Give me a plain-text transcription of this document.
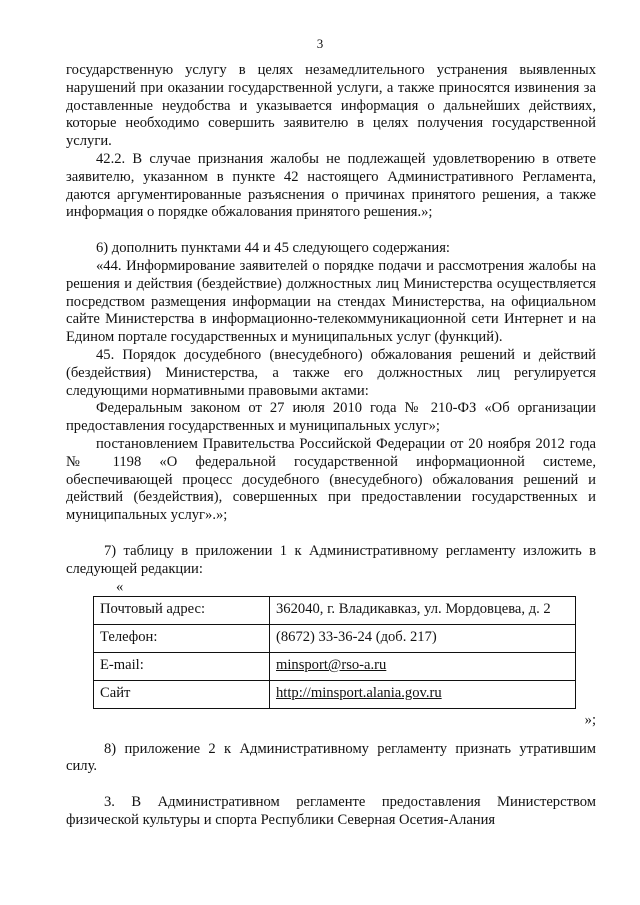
3

государственную услугу в целях незамедлительного устранения выявленных нарушений при оказании государственной услуги, а также приносятся извинения за доставленные неудобства и указывается информация о дальнейших действиях, которые необходимо совершить заявителю в целях получения государственной услуги.

42.2. В случае признания жалобы не подлежащей удовлетворению в ответе заявителю, указанном в пункте 42 настоящего Административного Регламента, даются аргументированные разъяснения о причинах принятого решения, а также информация о порядке обжалования принятого решения.»;

6) дополнить пунктами 44 и 45 следующего содержания:

«44. Информирование заявителей о порядке подачи и рассмотрения жалобы на решения и действия (бездействие) должностных лиц Министерства осуществляется посредством размещения информации на стендах Министерства, на официальном сайте Министерства в информационно-телекоммуникационной сети Интернет и на Едином портале государственных и муниципальных услуг (функций).

45. Порядок досудебного (внесудебного) обжалования решений и действий (бездействия) Министерства, а также его должностных лиц регулируется следующими нормативными правовыми актами:

Федеральным законом от 27 июля 2010 года № 210-ФЗ «Об организации предоставления государственных и муниципальных услуг»;

постановлением Правительства Российской Федерации от 20 ноября 2012 года № 1198 «О федеральной государственной информационной системе, обеспечивающей процесс досудебного (внесудебного) обжалования решений и действий (бездействия), совершенных при предоставлении государственных и муниципальных услуг».»;

7) таблицу в приложении 1 к Административному регламенту изложить в следующей редакции:

«
Почтовый адрес:	362040, г. Владикавказ, ул. Мордовцева, д. 2
Телефон:	(8672) 33-36-24 (доб. 217)
E-mail:	minsport@rso-a.ru
Сайт	http://minsport.alania.gov.ru
»;

8) приложение 2 к Административному регламенту признать утратившим силу.

3. В Административном регламенте предоставления Министерством физической культуры и спорта Республики Северная Осетия-Алания
